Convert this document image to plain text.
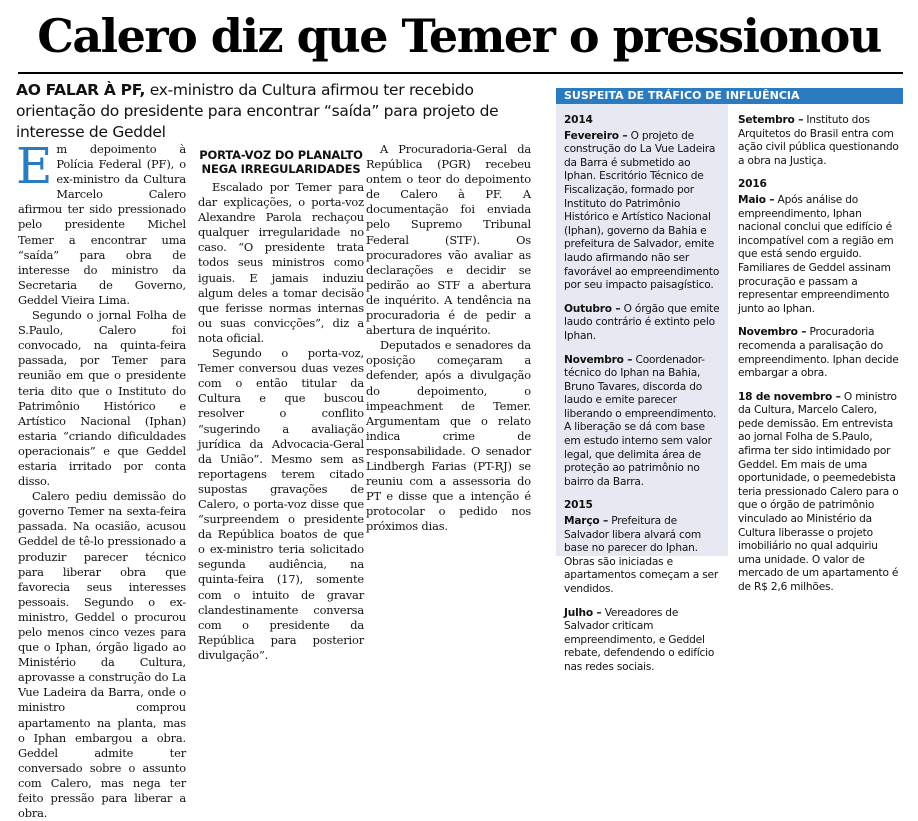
Calero diz que Temer o pressionou

AO FALAR À PF, ex-ministro da Cultura afirmou ter recebido orientação do presidente para encontrar “saída” para projeto de interesse de Geddel

Em depoimento à Polícia Federal (PF), o ex-ministro da Cultura Marcelo Calero afirmou ter sido pressionado pelo presidente Michel Temer a encontrar uma “saída” para obra de interesse do ministro da Secretaria de Governo, Geddel Vieira Lima.

Segundo o jornal Folha de S.Paulo, Calero foi convocado, na quinta-feira passada, por Temer para reunião em que o presidente teria dito que o Instituto do Patrimônio Histórico e Artístico Nacional (Iphan) estaria “criando dificuldades operacionais” e que Geddel estaria irritado por conta disso.

Calero pediu demissão do governo Temer na sexta-feira passada. Na ocasião, acusou Geddel de tê-lo pressionado a produzir parecer técnico para liberar obra que favorecia seus interesses pessoais. Segundo o ex-ministro, Geddel o procurou pelo menos cinco vezes para que o Iphan, órgão ligado ao Ministério da Cultura, aprovasse a construção do La Vue Ladeira da Barra, onde o ministro comprou apartamento na planta, mas o Iphan embargou a obra. Geddel admite ter conversado sobre o assunto com Calero, mas nega ter feito pressão para liberar a obra.

PORTA-VOZ DO PLANALTO NEGA IRREGULARIDADES

Escalado por Temer para dar explicações, o porta-voz Alexandre Parola rechaçou qualquer irregularidade no caso. “O presidente trata todos seus ministros como iguais. E jamais induziu algum deles a tomar decisão que ferisse normas internas ou suas convicções”, diz a nota oficial.

Segundo o porta-voz, Temer conversou duas vezes com o então titular da Cultura e que buscou resolver o conflito “sugerindo a avaliação jurídica da Advocacia-Geral da União”. Mesmo sem as reportagens terem citado supostas gravações de Calero, o porta-voz disse que “surpreendem o presidente da República boatos de que o ex-ministro teria solicitado segunda audiência, na quinta-feira (17), somente com o intuito de gravar clandestinamente conversa com o presidente da República para posterior divulgação”.

A Procuradoria-Geral da República (PGR) recebeu ontem o teor do depoimento de Calero à PF. A documentação foi enviada pelo Supremo Tribunal Federal (STF). Os procuradores vão avaliar as declarações e decidir se pedirão ao STF a abertura de inquérito. A tendência na procuradoria é de pedir a abertura de inquérito.

Deputados e senadores da oposição começaram a defender, após a divulgação do depoimento, o impeachment de Temer. Argumentam que o relato indica crime de responsabilidade. O senador Lindbergh Farias (PT-RJ) se reuniu com a assessoria do PT e disse que a intenção é protocolar o pedido nos próximos dias.

SUSPEITA DE TRÁFICO DE INFLUÊNCIA
2014
Fevereiro – O projeto de construção do La Vue Ladeira da Barra é submetido ao Iphan. Escritório Técnico de Fiscalização, formado por Instituto do Patrimônio Histórico e Artístico Nacional (Iphan), governo da Bahia e prefeitura de Salvador, emite laudo afirmando não ser favorável ao empreendimento por seu impacto paisagístico.
Outubro – O órgão que emite laudo contrário é extinto pelo Iphan.
Novembro – Coordenador-técnico do Iphan na Bahia, Bruno Tavares, discorda do laudo e emite parecer liberando o empreendimento. A liberação se dá com base em estudo interno sem valor legal, que delimita área de proteção ao patrimônio no bairro da Barra.
2015
Março – Prefeitura de Salvador libera alvará com base no parecer do Iphan. Obras são iniciadas e apartamentos começam a ser vendidos.
Julho – Vereadores de Salvador criticam empreendimento, e Geddel rebate, defendendo o edifício nas redes sociais.
Setembro – Instituto dos Arquitetos do Brasil entra com ação civil pública questionando a obra na Justiça.
2016
Maio – Após análise do empreendimento, Iphan nacional conclui que edifício é incompatível com a região em que está sendo erguido. Familiares de Geddel assinam procuração e passam a representar empreendimento junto ao Iphan.
Novembro – Procuradoria recomenda a paralisação do empreendimento. Iphan decide embargar a obra.
18 de novembro – O ministro da Cultura, Marcelo Calero, pede demissão. Em entrevista ao jornal Folha de S.Paulo, afirma ter sido intimidado por Geddel. Em mais de uma oportunidade, o peemedebista teria pressionado Calero para o que o órgão de patrimônio vinculado ao Ministério da Cultura liberasse o projeto imobiliário no qual adquiriu uma unidade. O valor de mercado de um apartamento é de R$ 2,6 milhões.
